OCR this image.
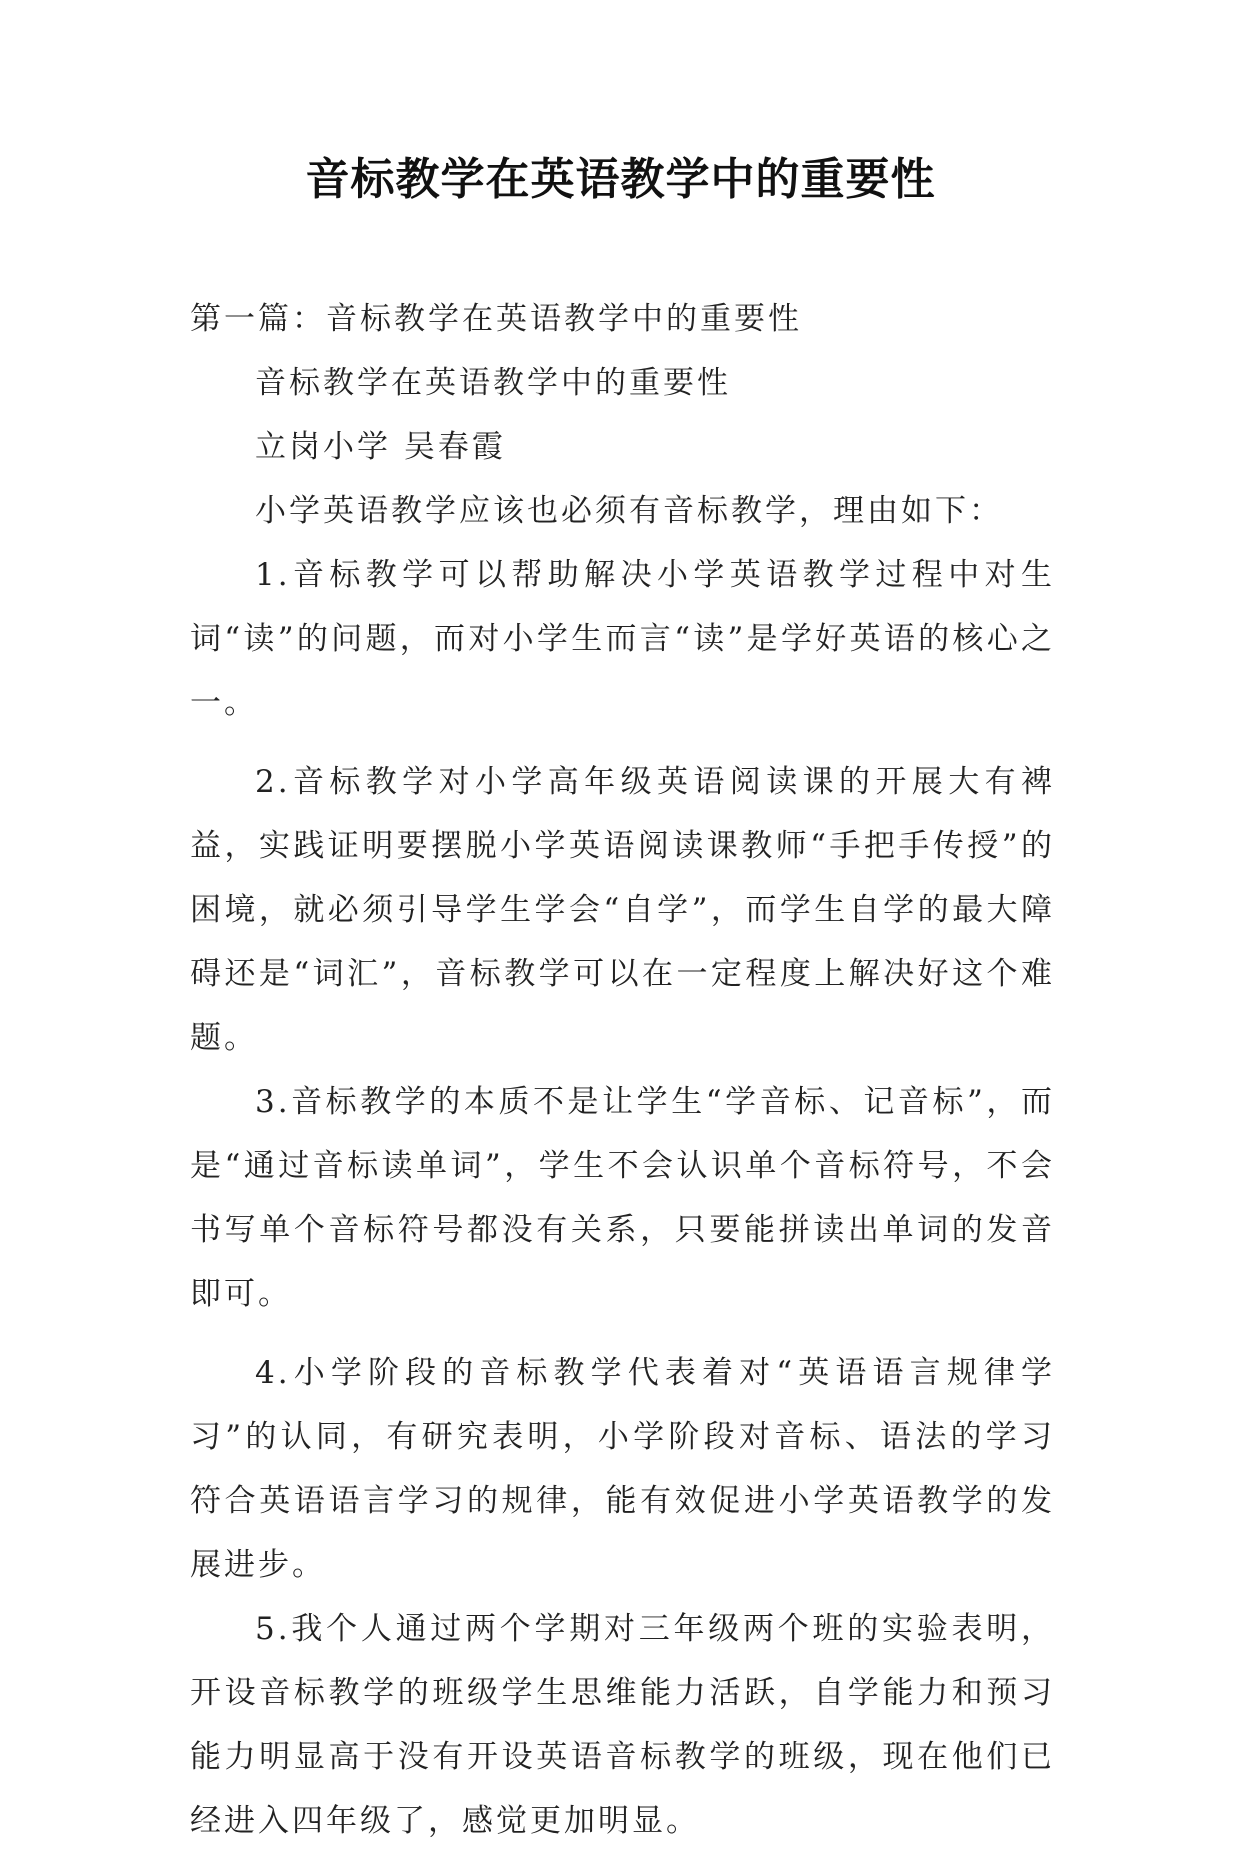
音标教学在英语教学中的重要性

第一篇：音标教学在英语教学中的重要性

音标教学在英语教学中的重要性

立岗小学 吴春霞

小学英语教学应该也必须有音标教学，理由如下：

1.音标教学可以帮助解决小学英语教学过程中对生词“读”的问题，而对小学生而言“读”是学好英语的核心之一。

2.音标教学对小学高年级英语阅读课的开展大有裨益，实践证明要摆脱小学英语阅读课教师“手把手传授”的困境，就必须引导学生学会“自学”，而学生自学的最大障碍还是“词汇”，音标教学可以在一定程度上解决好这个难题。

3.音标教学的本质不是让学生“学音标、记音标”，而是“通过音标读单词”，学生不会认识单个音标符号，不会书写单个音标符号都没有关系，只要能拼读出单词的发音即可。

4.小学阶段的音标教学代表着对“英语语言规律学习”的认同，有研究表明，小学阶段对音标、语法的学习符合英语语言学习的规律，能有效促进小学英语教学的发展进步。

5.我个人通过两个学期对三年级两个班的实验表明，开设音标教学的班级学生思维能力活跃，自学能力和预习能力明显高于没有开设英语音标教学的班级，现在他们已经进入四年级了，感觉更加明显。
